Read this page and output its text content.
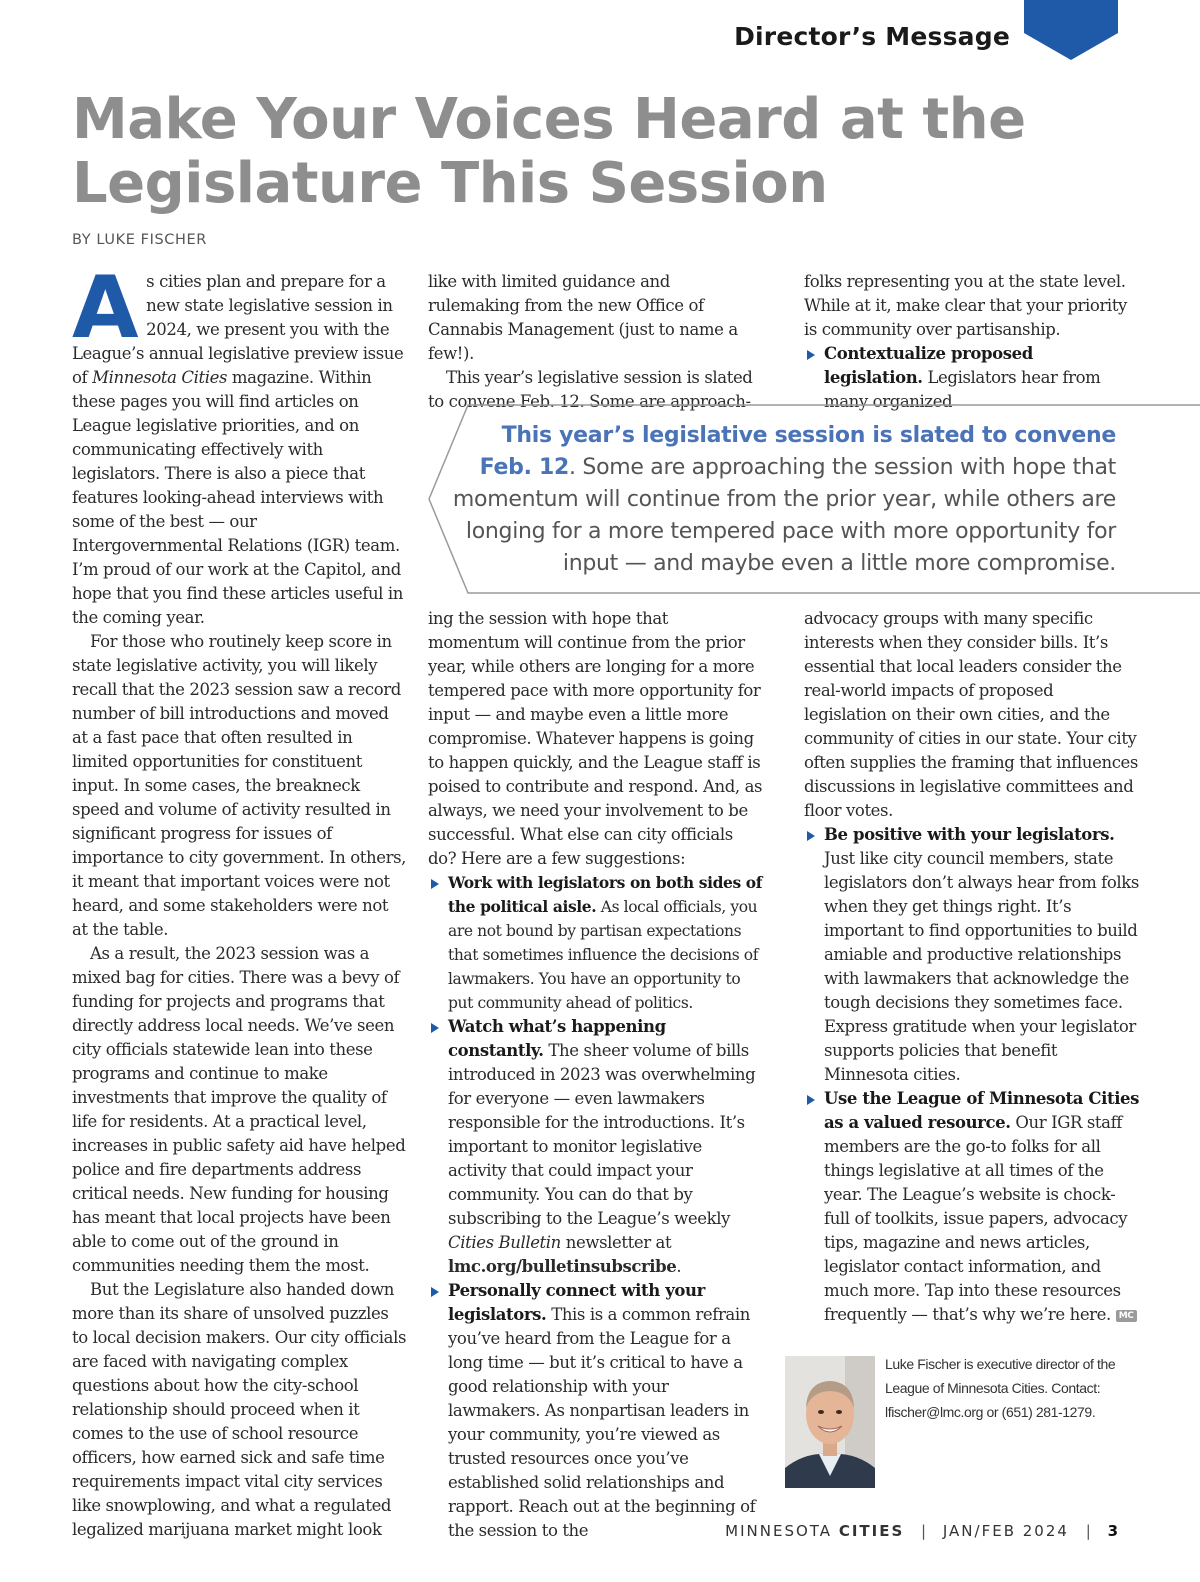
Director’s Message
Make Your Voices Heard at the Legislature This Session
BY LUKE FISCHER

As cities plan and prepare for a new state legislative session in 2024, we present you with the League’s annual legislative preview issue of Minnesota Cities magazine. Within these pages you will find articles on League legislative priorities, and on communicating effectively with legislators. There is also a piece that features looking-ahead interviews with some of the best — our Intergovernmental Relations (IGR) team. I’m proud of our work at the Capitol, and hope that you find these articles useful in the coming year.

For those who routinely keep score in state legislative activity, you will likely recall that the 2023 session saw a record number of bill introductions and moved at a fast pace that often resulted in limited opportunities for constituent input. In some cases, the breakneck speed and volume of activity resulted in significant progress for issues of importance to city government. In others, it meant that important voices were not heard, and some stakeholders were not at the table.

As a result, the 2023 session was a mixed bag for cities. There was a bevy of funding for projects and programs that directly address local needs. We’ve seen city officials statewide lean into these programs and continue to make investments that improve the quality of life for residents. At a practical level, increases in public safety aid have helped police and fire departments address critical needs. New funding for housing has meant that local projects have been able to come out of the ground in communities needing them the most.

But the Legislature also handed down more than its share of unsolved puzzles to local decision makers. Our city officials are faced with navigating complex questions about how the city-school relationship should proceed when it comes to the use of school resource officers, how earned sick and safe time requirements impact vital city services like snowplowing, and what a regulated legalized marijuana market might look

like with limited guidance and rulemaking from the new Office of Cannabis Management (just to name a few!).

This year’s legislative session is slated to convene Feb. 12. Some are approach-

folks representing you at the state level. While at it, make clear that your priority is community over partisanship.

Contextualize proposed legislation. Legislators hear from many organized

This year’s legislative session is slated to convene Feb. 12. Some are approaching the session with hope that momentum will continue from the prior year, while others are longing for a more tempered pace with more opportunity for input — and maybe even a little more compromise.

ing the session with hope that momentum will continue from the prior year, while others are longing for a more tempered pace with more opportunity for input — and maybe even a little more compromise. Whatever happens is going to happen quickly, and the League staff is poised to contribute and respond. And, as always, we need your involvement to be successful. What else can city officials do? Here are a few suggestions:

Work with legislators on both sides of the political aisle. As local officials, you are not bound by partisan expectations that sometimes influence the decisions of lawmakers. You have an opportunity to put community ahead of politics.

Watch what’s happening constantly. The sheer volume of bills introduced in 2023 was overwhelming for everyone — even lawmakers responsible for the introductions. It’s important to monitor legislative activity that could impact your community. You can do that by subscribing to the League’s weekly Cities Bulletin newsletter at lmc.org/bulletinsubscribe.

Personally connect with your legislators. This is a common refrain you’ve heard from the League for a long time — but it’s critical to have a good relationship with your lawmakers. As nonpartisan leaders in your community, you’re viewed as trusted resources once you’ve established solid relationships and rapport. Reach out at the beginning of the session to the

advocacy groups with many specific interests when they consider bills. It’s essential that local leaders consider the real-world impacts of proposed legislation on their own cities, and the community of cities in our state. Your city often supplies the framing that influences discussions in legislative committees and floor votes.

Be positive with your legislators. Just like city council members, state legislators don’t always hear from folks when they get things right. It’s important to find opportunities to build amiable and productive relationships with lawmakers that acknowledge the tough decisions they sometimes face. Express gratitude when your legislator supports policies that benefit Minnesota cities.

Use the League of Minnesota Cities as a valued resource. Our IGR staff members are the go-to folks for all things legislative at all times of the year. The League’s website is chock-full of toolkits, issue papers, advocacy tips, magazine and news articles, legislator contact information, and much more. Tap into these resources frequently — that’s why we’re here. MC

Luke Fischer is executive director of the League of Minnesota Cities. Contact: lfischer@lmc.org or (651) 281-1279.
MINNESOTA CITIES | JAN/FEB 2024 | 3
